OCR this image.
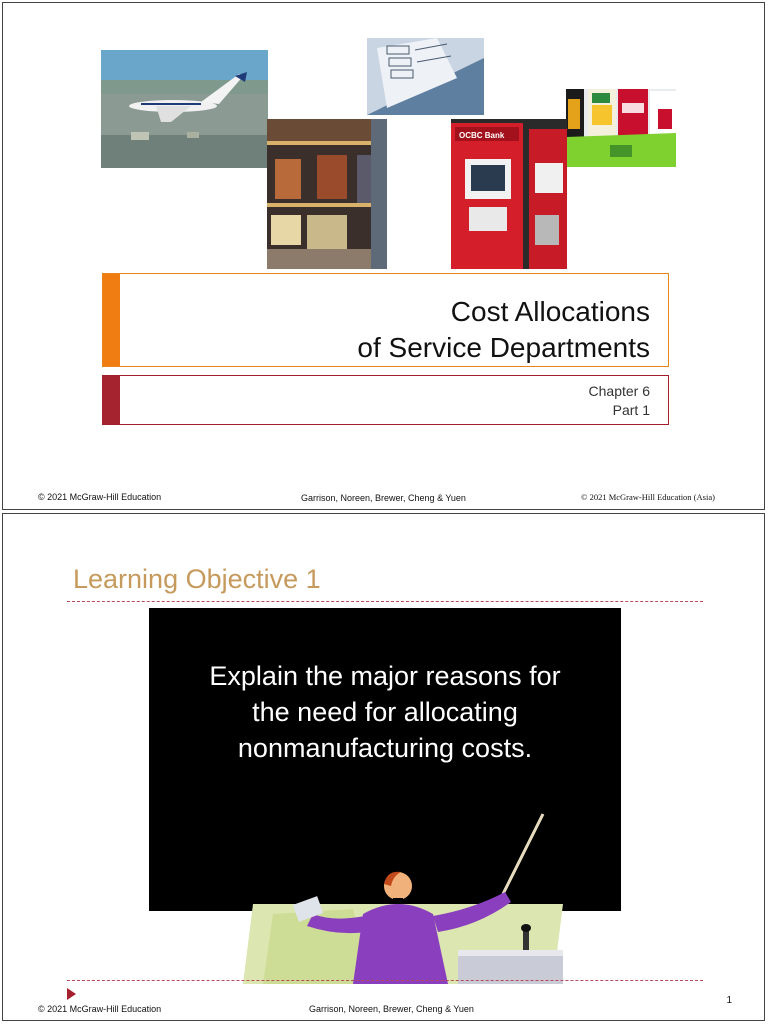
OCBC Bank
Cost Allocations
of Service Departments
Chapter 6
Part 1
© 2021 McGraw-Hill Education	Garrison, Noreen, Brewer, Cheng & Yuen	© 2021 McGraw-Hill Education (Asia)
Learning Objective 1
Explain the major reasons for
the need for allocating
nonmanufacturing costs.
© 2021 McGraw-Hill Education	Garrison, Noreen, Brewer, Cheng & Yuen
1
